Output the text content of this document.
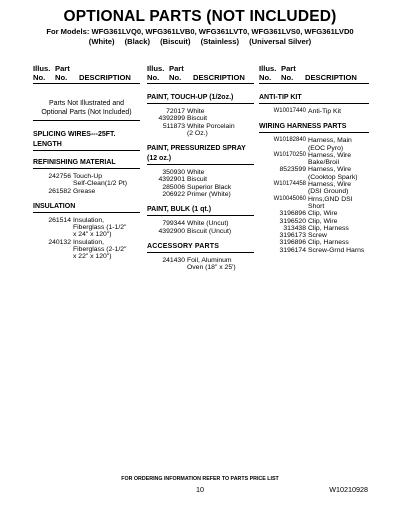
OPTIONAL PARTS (NOT INCLUDED)
For Models: WFG361LVQ0, WFG361LVB0, WFG361LVT0, WFG361LVS0, WFG361LVD0
(White) (Black) (Biscuit) (Stainless) (Universal Silver)
Illus.
No.
Part
No.	DESCRIPTION
Parts Not Illustrated and
Optional Parts (Not Included)
SPLICING WIRES---25FT. LENGTH
REFINISHING MATERIAL
242756 Touch-Up
Self-Clean(1/2 Pt)
261582 Grease
INSULATION
261514 Insulation,
Fiberglass (1-1/2"
x 24" x 120")
240132 Insulation,
Fiberglass (2-1/2"
x 22" x 120")
Illus.
No.
Part
No.	DESCRIPTION
PAINT, TOUCH-UP (1/2oz.)
72017 White
4392899 Biscuit
511873 White Porcelain
(2 Oz.)
PAINT, PRESSURIZED SPRAY (12 oz.)
350930 White
4392901 Biscuit
285006 Superior Black
206922 Primer (White)
PAINT, BULK (1 qt.)
799344 White (Uncut)
4392900 Biscuit (Uncut)
ACCESSORY PARTS
241430 Foil, Aluminum
Oven (18" x 25')
Illus.
No.
Part
No.	DESCRIPTION
ANTI-TIP KIT
W10017440 Anti-Tip Kit
WIRING HARNESS PARTS
W10182840 Harness, Main
(EOC Pyro)
W10170250 Harness, Wire
Bake/Broil
8523599 Harness, Wire
(Cooktop Spark)
W10174458 Harness, Wire
(DSI Ground)
W10045060 Hrns,GND DSI Short
3196896 Clip, Wire
3196520 Clip, Wire
313438 Clip, Harness
3196173 Screw
3196896 Clip, Harness
3196174 Screw-Grnd Harns
FOR ORDERING INFORMATION REFER TO PARTS PRICE LIST
10	W10210928
